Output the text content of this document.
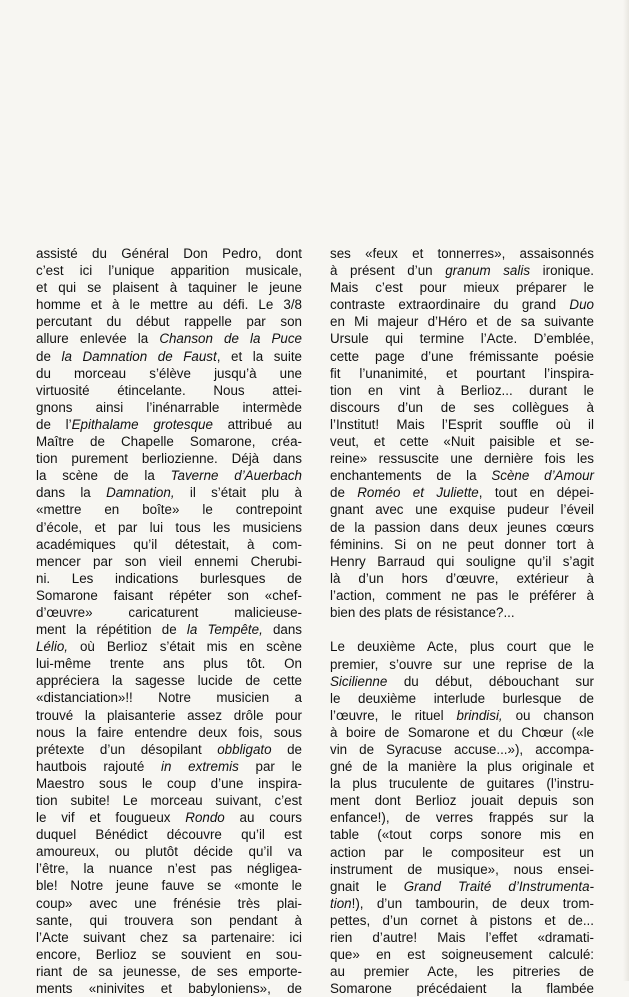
assisté du Général Don Pedro, dont
c’est ici l’unique apparition musicale,
et qui se plaisent à taquiner le jeune
homme et à le mettre au défi. Le 3/8
percutant du début rappelle par son
allure enlevée la Chanson de la Puce
de la Damnation de Faust, et la suite
du morceau s’élève jusqu’à une
virtuosité étincelante. Nous attei-
gnons ainsi l’inénarrable intermède
de l’Epithalame grotesque attribué au
Maître de Chapelle Somarone, créa-
tion purement berliozienne. Déjà dans
la scène de la Taverne d’Auerbach
dans la Damnation, il s’était plu à
«mettre en boîte» le contrepoint
d’école, et par lui tous les musiciens
académiques qu’il détestait, à com-
mencer par son vieil ennemi Cherubi-
ni. Les indications burlesques de
Somarone faisant répéter son «chef-
d’œuvre» caricaturent malicieuse-
ment la répétition de la Tempête, dans
Lélio, où Berlioz s’était mis en scène
lui-même trente ans plus tôt. On
appréciera la sagesse lucide de cette
«distanciation»!! Notre musicien a
trouvé la plaisanterie assez drôle pour
nous la faire entendre deux fois, sous
prétexte d’un désopilant obbligato de
hautbois rajouté in extremis par le
Maestro sous le coup d’une inspira-
tion subite! Le morceau suivant, c’est
le vif et fougueux Rondo au cours
duquel Bénédict découvre qu’il est
amoureux, ou plutôt décide qu’il va
l’être, la nuance n’est pas négligea-
ble! Notre jeune fauve se «monte le
coup» avec une frénésie très plai-
sante, qui trouvera son pendant à
l’Acte suivant chez sa partenaire: ici
encore, Berlioz se souvient en sou-
riant de sa jeunesse, de ses emporte-
ments «ninivites et babyloniens», de
ses «feux et tonnerres», assaisonnés
à présent d’un granum salis ironique.
Mais c’est pour mieux préparer le
contraste extraordinaire du grand Duo
en Mi majeur d’Héro et de sa suivante
Ursule qui termine l’Acte. D’emblée,
cette page d’une frémissante poésie
fit l’unanimité, et pourtant l’inspira-
tion en vint à Berlioz... durant le
discours d’un de ses collègues à
l’Institut! Mais l’Esprit souffle où il
veut, et cette «Nuit paisible et se-
reine» ressuscite une dernière fois les
enchantements de la Scène d’Amour
de Roméo et Juliette, tout en dépei-
gnant avec une exquise pudeur l’éveil
de la passion dans deux jeunes cœurs
féminins. Si on ne peut donner tort à
Henry Barraud qui souligne qu’il s’agit
là d’un hors d’œuvre, extérieur à
l’action, comment ne pas le préférer à
bien des plats de résistance?...
Le deuxième Acte, plus court que le
premier, s’ouvre sur une reprise de la
Sicilienne du début, débouchant sur
le deuxième interlude burlesque de
l’œuvre, le rituel brindisi, ou chanson
à boire de Somarone et du Chœur («le
vin de Syracuse accuse...»), accompa-
gné de la manière la plus originale et
la plus truculente de guitares (l’instru-
ment dont Berlioz jouait depuis son
enfance!), de verres frappés sur la
table («tout corps sonore mis en
action par le compositeur est un
instrument de musique», nous ensei-
gnait le Grand Traité d’Instrumenta-
tion!), d’un tambourin, de deux trom-
pettes, d’un cornet à pistons et de...
rien d’autre! Mais l’effet «dramati-
que» en est soigneusement calculé:
au premier Acte, les pitreries de
Somarone précédaient la flambée
